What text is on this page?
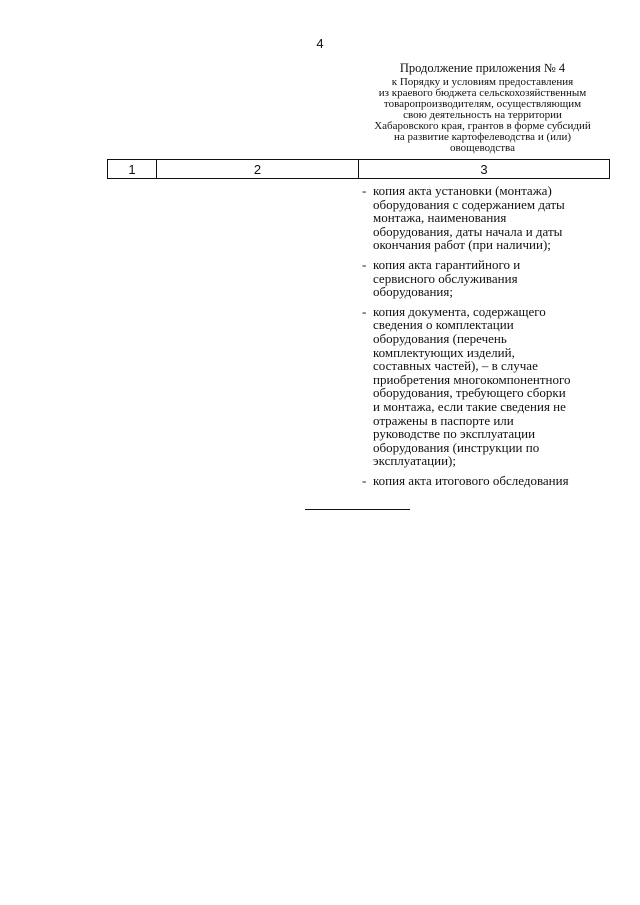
4
Продолжение приложения № 4
к Порядку и условиям предоставления
из краевого бюджета сельскохозяйственным
товаропроизводителям, осуществляющим
свою деятельность на территории
Хабаровского края, грантов в форме субсидий
на развитие картофелеводства и (или)
овощеводства
1	2	3
- копия акта установки (монтажа)
оборудования с содержанием даты
монтажа, наименования
оборудования, даты начала и даты
окончания работ (при наличии);
- копия акта гарантийного и
сервисного обслуживания
оборудования;
- копия документа, содержащего
сведения о комплектации
оборудования (перечень
комплектующих изделий,
составных частей), – в случае
приобретения многокомпонентного
оборудования, требующего сборки
и монтажа, если такие сведения не
отражены в паспорте или
руководстве по эксплуатации
оборудования (инструкции по
эксплуатации);
- копия акта итогового обследования
